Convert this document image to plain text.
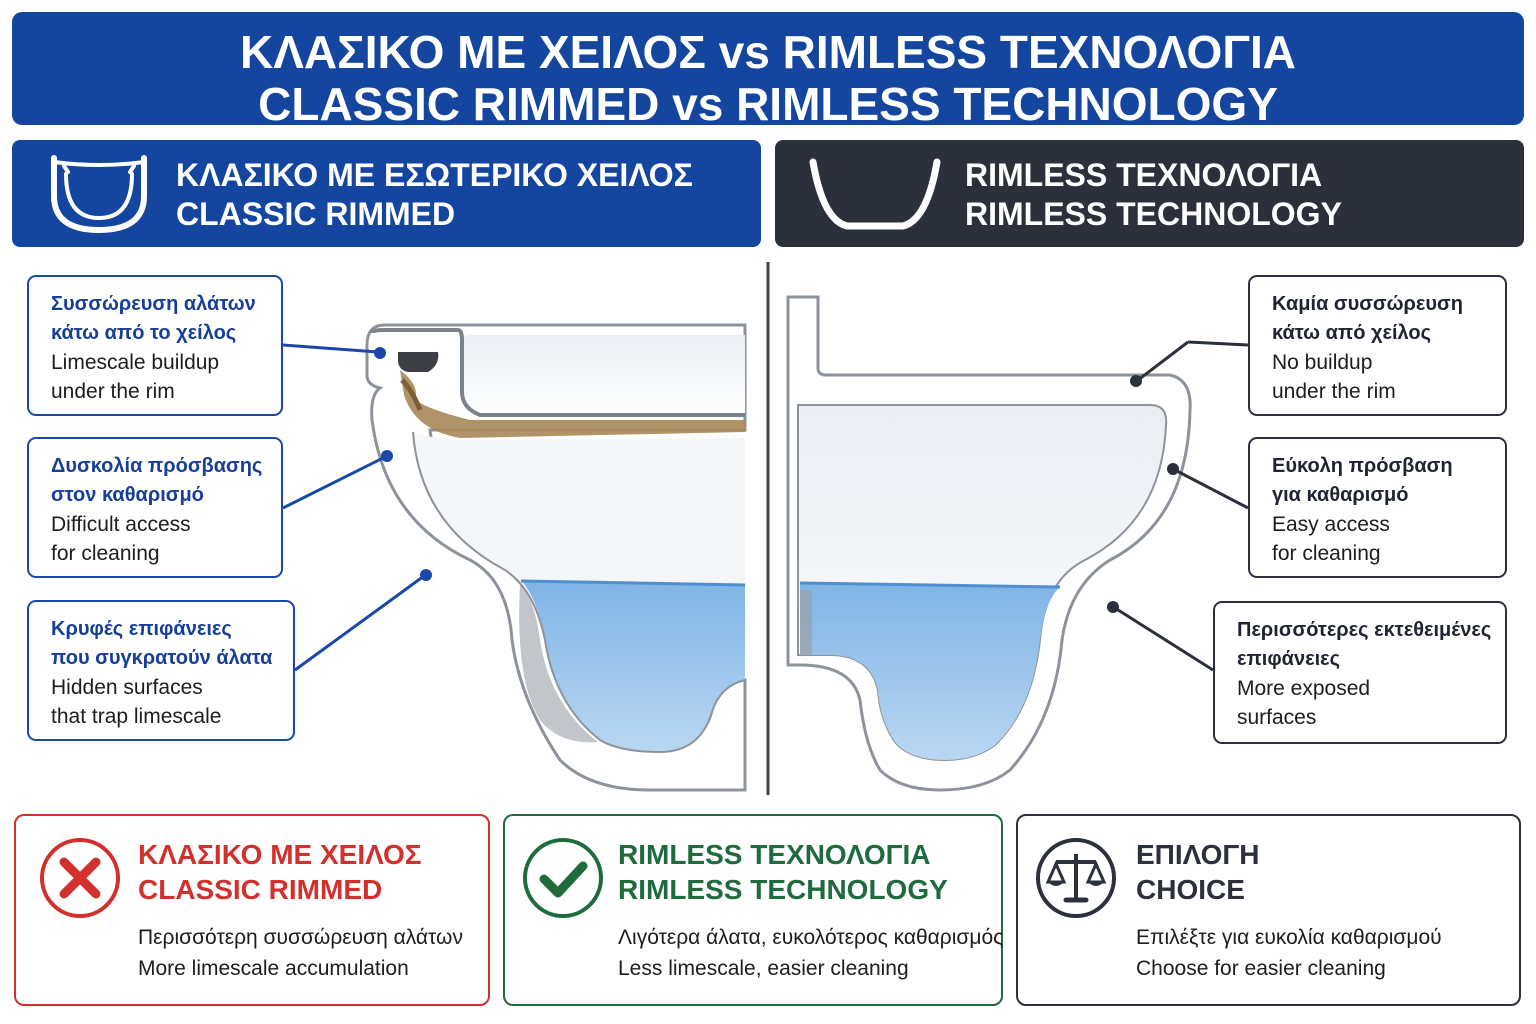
ΚΛΑΣΙΚΟ ΜΕ ΧΕΙΛΟΣ vs RIMLESS ΤΕΧΝΟΛΟΓΙΑ
CLASSIC RIMMED vs RIMLESS TECHNOLOGY
ΚΛΑΣΙΚΟ ΜΕ ΕΣΩΤΕΡΙΚΟ ΧΕΙΛΟΣ
CLASSIC RIMMED
RIMLESS ΤΕΧΝΟΛΟΓΙΑ
RIMLESS TECHNOLOGY
Συσσώρευση αλάτων
κάτω από το χείλος
Limescale buildup
under the rim
Δυσκολία πρόσβασης
στον καθαρισμό
Difficult access
for cleaning
Κρυφές επιφάνειες
που συγκρατούν άλατα
Hidden surfaces
that trap limescale
Καμία συσσώρευση
κάτω από χείλος
No buildup
under the rim
Εύκολη πρόσβαση
για καθαρισμό
Easy access
for cleaning
Περισσότερες εκτεθειμένες
επιφάνειες
More exposed
surfaces
ΚΛΑΣΙΚΟ ΜΕ ΧΕΙΛΟΣ
CLASSIC RIMMED
Περισσότερη συσσώρευση αλάτων
More limescale accumulation
RIMLESS ΤΕΧΝΟΛΟΓΙΑ
RIMLESS TECHNOLOGY
Λιγότερα άλατα, ευκολότερος καθαρισμός
Less limescale, easier cleaning
ΕΠΙΛΟΓΗ
CHOICE
Επιλέξτε για ευκολία καθαρισμού
Choose for easier cleaning
